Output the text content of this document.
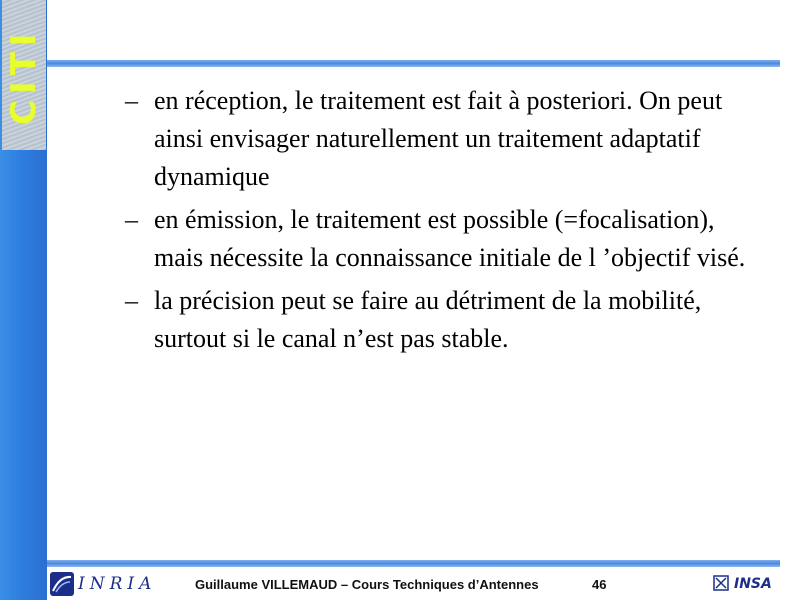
CITI	– en réception, le traitement est fait à posteriori. On peut ainsi envisager naturellement un traitement adaptatif dynamique
– en émission, le traitement est possible (=focalisation), mais nécessite la connaissance initiale de l ’objectif visé.
– la précision peut se faire au détriment de la mobilité, surtout si le canal n’est pas stable.
INRIA	Guillaume VILLEMAUD – Cours Techniques d’Antennes	46	INSA
